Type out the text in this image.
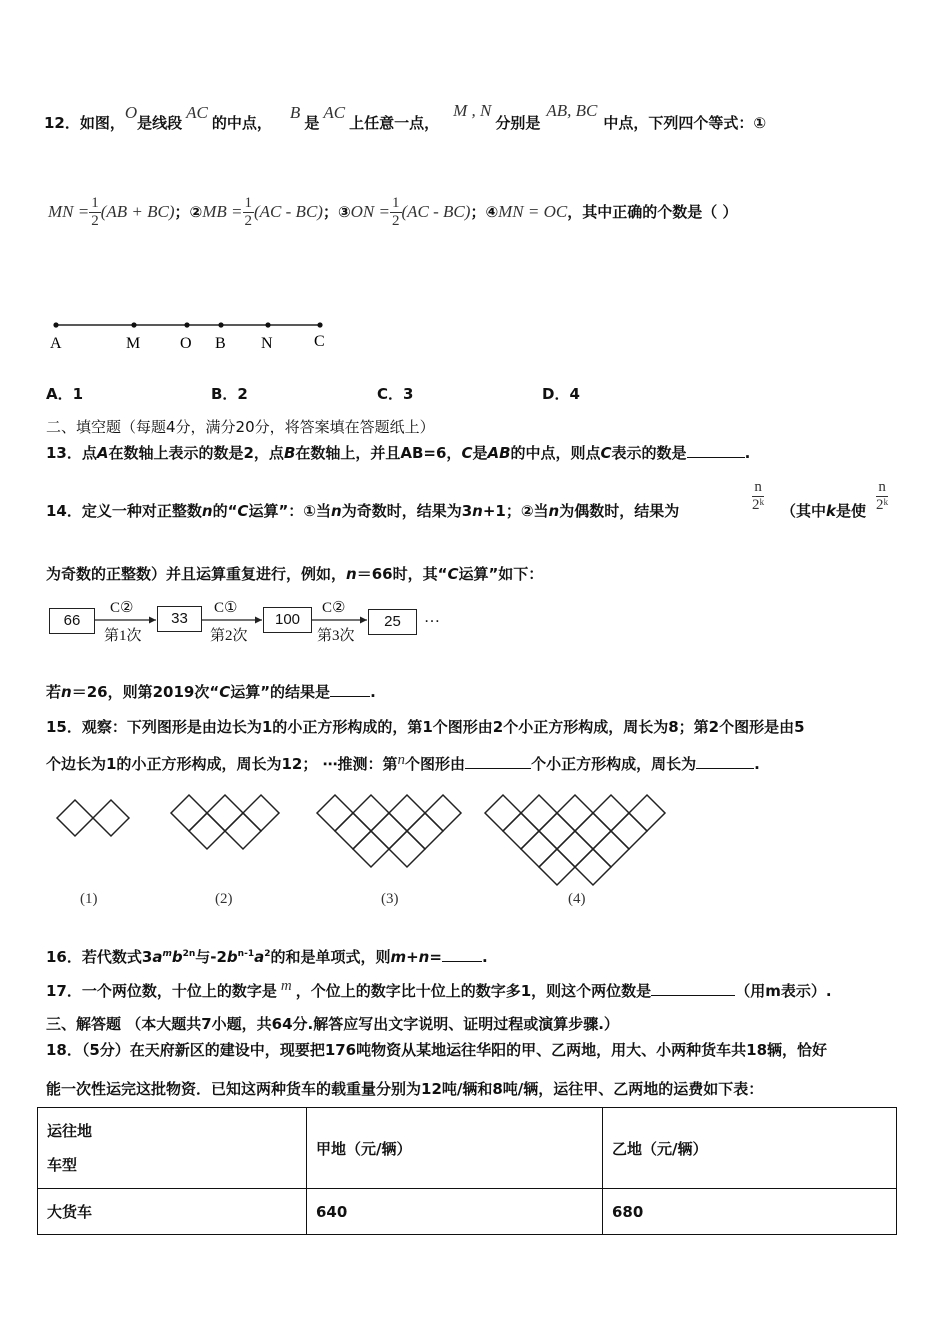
12．如图，O是线段AC的中点，B是AC上任意一点，M , N分别是AB, BC中点，下列四个等式：①
MN = $\frac{1}{2} (AB + BC)$；②MB = $\frac{1}{2} (AC - BC)$；③ON = $\frac{1}{2} (AC - BC)$；④MN = OC，其中正确的个数是（ ）
A	M O B N	C
A．1	B．2	C．3	D．4
二、填空题（每题4分，满分20分，将答案填在答题纸上）
13．点A在数轴上表示的数是2，点B在数轴上，并且AB=6，C是AB的中点，则点C表示的数是	.
14．定义一种对正整数n的“C运算”：①当n为奇数时，结果为3n+1；②当n为偶数时，结果为	$\frac{n}{\text{2ᵏ}}$ （其中k是使 $\frac{n}{\text{2ᵏ}}$
为奇数的正整数）并且运算重复进行，例如，n＝66时，其“C运算”如下：
66	33	100	25
C②
第1次
C①
第2次
C②
第3次
…
若n＝26，则第2019次“C运算”的结果是	.
15．观察：下列图形是由边长为1的小正方形构成的，第1个图形由2个小正方形构成，周长为8；第2个图形是由5
个边长为1的小正方形构成，周长为12； ⋯推测：第n个图形由	个小正方形构成，周长为	.
(1)	(2)	(3)	(4)
16．若代数式$3a^mb^{2n}$与$-2b^{n-1}a^2$的和是单项式，则m+n=	.
17．一个两位数，十位上的数字是 m ，个位上的数字比十位上的数字多1，则这个两位数是	（用m表示）.
三、解答题 （本大题共7小题，共64分.解答应写出文字说明、证明过程或演算步骤.）
18．（5分）在天府新区的建设中，现要把176吨物资从某地运往华阳的甲、乙两地，用大、小两种货车共18辆，恰好
能一次性运完这批物资．已知这两种货车的载重量分别为12吨/辆和8吨/辆，运往甲、乙两地的运费如下表：
运往地
车型	甲地（元/辆）	乙地（元/辆）
大货车	640	680
